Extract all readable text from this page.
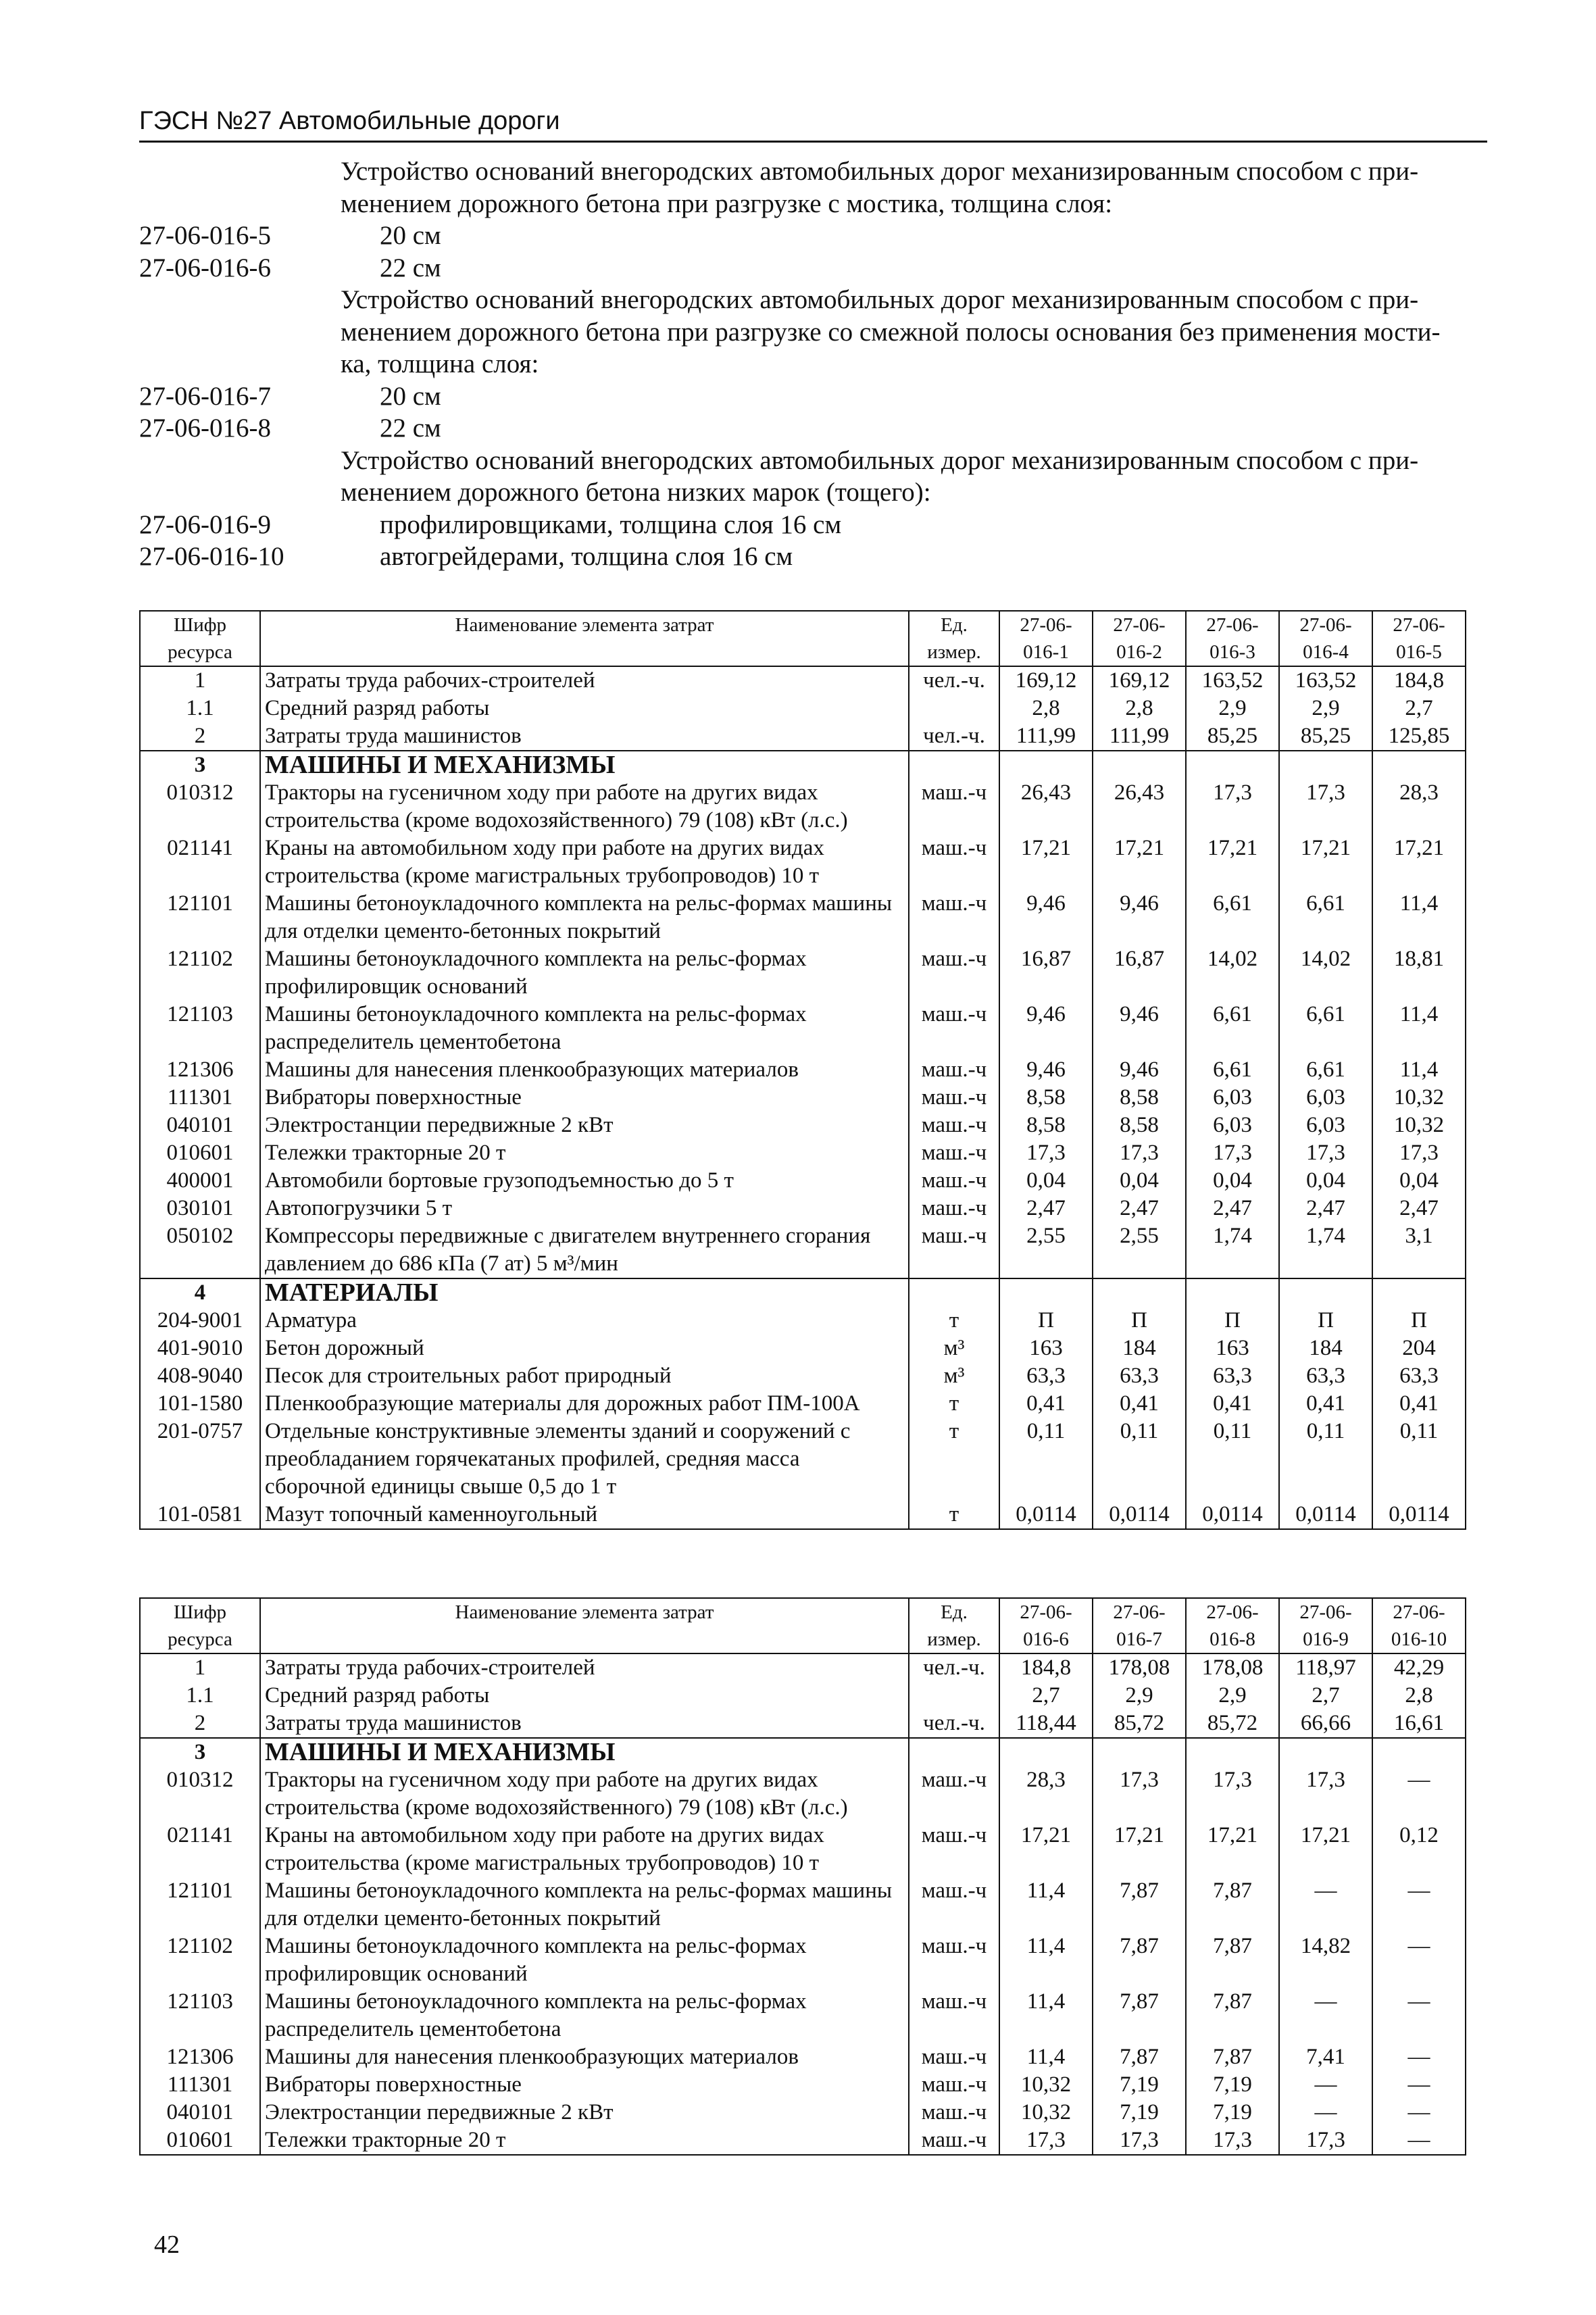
ГЭСН №27 Автомобильные дороги
Устройство оснований внегородских автомобильных дорог механизированным способом с при-
менением дорожного бетона при разгрузке с мостика, толщина слоя:
27-06-016-5	20 см
27-06-016-6	22 см
Устройство оснований внегородских автомобильных дорог механизированным способом с при-
менением дорожного бетона при разгрузке со смежной полосы основания без применения мости-
ка, толщина слоя:
27-06-016-7	20 см
27-06-016-8	22 см
Устройство оснований внегородских автомобильных дорог механизированным способом с при-
менением дорожного бетона низких марок (тощего):
27-06-016-9	профилировщиками, толщина слоя 16 см
27-06-016-10	автогрейдерами, толщина слоя 16 см
Шифр ресурса	Наименование элемента затрат	Ед. измер.	27-06-016-1	27-06-016-2	27-06-016-3	27-06-016-4	27-06-016-5
1	Затраты труда рабочих-строителей	чел.-ч.	169,12	169,12	163,52	163,52	184,8
1.1	Средний разряд работы		2,8	2,8	2,9	2,9	2,7
2	Затраты труда машинистов	чел.-ч.	111,99	111,99	85,25	85,25	125,85
3	МАШИНЫ И МЕХАНИЗМЫ						
010312	Тракторы на гусеничном ходу при работе на других видах строительства (кроме водохозяйственного) 79 (108) кВт (л.с.)	маш.-ч	26,43	26,43	17,3	17,3	28,3
021141	Краны на автомобильном ходу при работе на других видах строительства (кроме магистральных трубопроводов) 10 т	маш.-ч	17,21	17,21	17,21	17,21	17,21
121101	Машины бетоноукладочного комплекта на рельс-формах машины для отделки цементо-бетонных покрытий	маш.-ч	9,46	9,46	6,61	6,61	11,4
121102	Машины бетоноукладочного комплекта на рельс-формах профилировщик оснований	маш.-ч	16,87	16,87	14,02	14,02	18,81
121103	Машины бетоноукладочного комплекта на рельс-формах распределитель цементобетона	маш.-ч	9,46	9,46	6,61	6,61	11,4
121306	Машины для нанесения пленкообразующих материалов	маш.-ч	9,46	9,46	6,61	6,61	11,4
111301	Вибраторы поверхностные	маш.-ч	8,58	8,58	6,03	6,03	10,32
040101	Электростанции передвижные 2 кВт	маш.-ч	8,58	8,58	6,03	6,03	10,32
010601	Тележки тракторные 20 т	маш.-ч	17,3	17,3	17,3	17,3	17,3
400001	Автомобили бортовые грузоподъемностью до 5 т	маш.-ч	0,04	0,04	0,04	0,04	0,04
030101	Автопогрузчики 5 т	маш.-ч	2,47	2,47	2,47	2,47	2,47
050102	Компрессоры передвижные с двигателем внутреннего сгорания давлением до 686 кПа (7 ат) 5 м³/мин	маш.-ч	2,55	2,55	1,74	1,74	3,1
4	МАТЕРИАЛЫ						
204-9001	Арматура	т	П	П	П	П	П
401-9010	Бетон дорожный	м³	163	184	163	184	204
408-9040	Песок для строительных работ природный	м³	63,3	63,3	63,3	63,3	63,3
101-1580	Пленкообразующие материалы для дорожных работ ПМ-100А	т	0,41	0,41	0,41	0,41	0,41
201-0757	Отдельные конструктивные элементы зданий и сооружений с преобладанием горячекатаных профилей, средняя масса сборочной единицы свыше 0,5 до 1 т	т	0,11	0,11	0,11	0,11	0,11
101-0581	Мазут топочный каменноугольный	т	0,0114	0,0114	0,0114	0,0114	0,0114
Шифр ресурса	Наименование элемента затрат	Ед. измер.	27-06-016-6	27-06-016-7	27-06-016-8	27-06-016-9	27-06-016-10
1	Затраты труда рабочих-строителей	чел.-ч.	184,8	178,08	178,08	118,97	42,29
1.1	Средний разряд работы		2,7	2,9	2,9	2,7	2,8
2	Затраты труда машинистов	чел.-ч.	118,44	85,72	85,72	66,66	16,61
3	МАШИНЫ И МЕХАНИЗМЫ						
010312	Тракторы на гусеничном ходу при работе на других видах строительства (кроме водохозяйственного) 79 (108) кВт (л.с.)	маш.-ч	28,3	17,3	17,3	17,3	—
021141	Краны на автомобильном ходу при работе на других видах строительства (кроме магистральных трубопроводов) 10 т	маш.-ч	17,21	17,21	17,21	17,21	0,12
121101	Машины бетоноукладочного комплекта на рельс-формах машины для отделки цементо-бетонных покрытий	маш.-ч	11,4	7,87	7,87	—	—
121102	Машины бетоноукладочного комплекта на рельс-формах профилировщик оснований	маш.-ч	11,4	7,87	7,87	14,82	—
121103	Машины бетоноукладочного комплекта на рельс-формах распределитель цементобетона	маш.-ч	11,4	7,87	7,87	—	—
121306	Машины для нанесения пленкообразующих материалов	маш.-ч	11,4	7,87	7,87	7,41	—
111301	Вибраторы поверхностные	маш.-ч	10,32	7,19	7,19	—	—
040101	Электростанции передвижные 2 кВт	маш.-ч	10,32	7,19	7,19	—	—
010601	Тележки тракторные 20 т	маш.-ч	17,3	17,3	17,3	17,3	—
42
